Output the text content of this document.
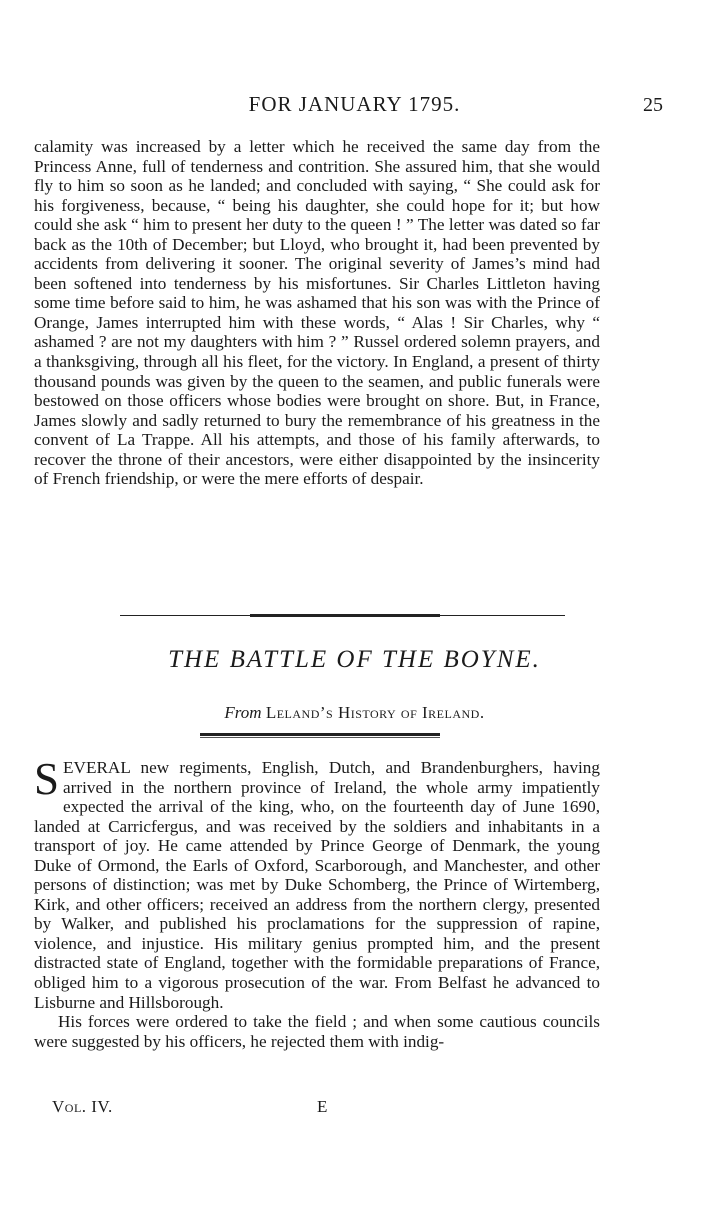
FOR JANUARY 1795.	25

calamity was increased by a letter which he received the same day from the Princess Anne, full of tenderness and contrition. She assured him, that she would fly to him so soon as he landed; and concluded with saying, “ She could ask for his forgiveness, because, “ being his daughter, she could hope for it; but how could she ask “ him to present her duty to the queen ! ” The letter was dated so far back as the 10th of December; but Lloyd, who brought it, had been prevented by accidents from delivering it sooner. The original severity of James’s mind had been softened into tenderness by his misfortunes. Sir Charles Littleton having some time before said to him, he was ashamed that his son was with the Prince of Orange, James interrupted him with these words, “ Alas ! Sir Charles, why “ ashamed ? are not my daughters with him ? ” Russel ordered solemn prayers, and a thanksgiving, through all his fleet, for the victory. In England, a present of thirty thousand pounds was given by the queen to the seamen, and public funerals were bestowed on those officers whose bodies were brought on shore. But, in France, James slowly and sadly returned to bury the remembrance of his greatness in the convent of La Trappe. All his attempts, and those of his family afterwards, to recover the throne of their ancestors, were either disappointed by the insincerity of French friendship, or were the mere efforts of despair.

THE BATTLE OF THE BOYNE.
From Leland’s History of Ireland.

SEVERAL new regiments, English, Dutch, and Brandenburghers, having arrived in the northern province of Ireland, the whole army impatiently expected the arrival of the king, who, on the fourteenth day of June 1690, landed at Carricfergus, and was received by the soldiers and inhabitants in a transport of joy. He came attended by Prince George of Denmark, the young Duke of Ormond, the Earls of Oxford, Scarborough, and Manchester, and other persons of distinction; was met by Duke Schomberg, the Prince of Wirtemberg, Kirk, and other officers; received an address from the northern clergy, presented by Walker, and published his proclamations for the suppression of rapine, violence, and injustice. His military genius prompted him, and the present distracted state of England, together with the formidable preparations of France, obliged him to a vigorous prosecution of the war. From Belfast he advanced to Lisburne and Hillsborough.

His forces were ordered to take the field ; and when some cautious councils were suggested by his officers, he rejected them with indig-

Vol. IV.	E
